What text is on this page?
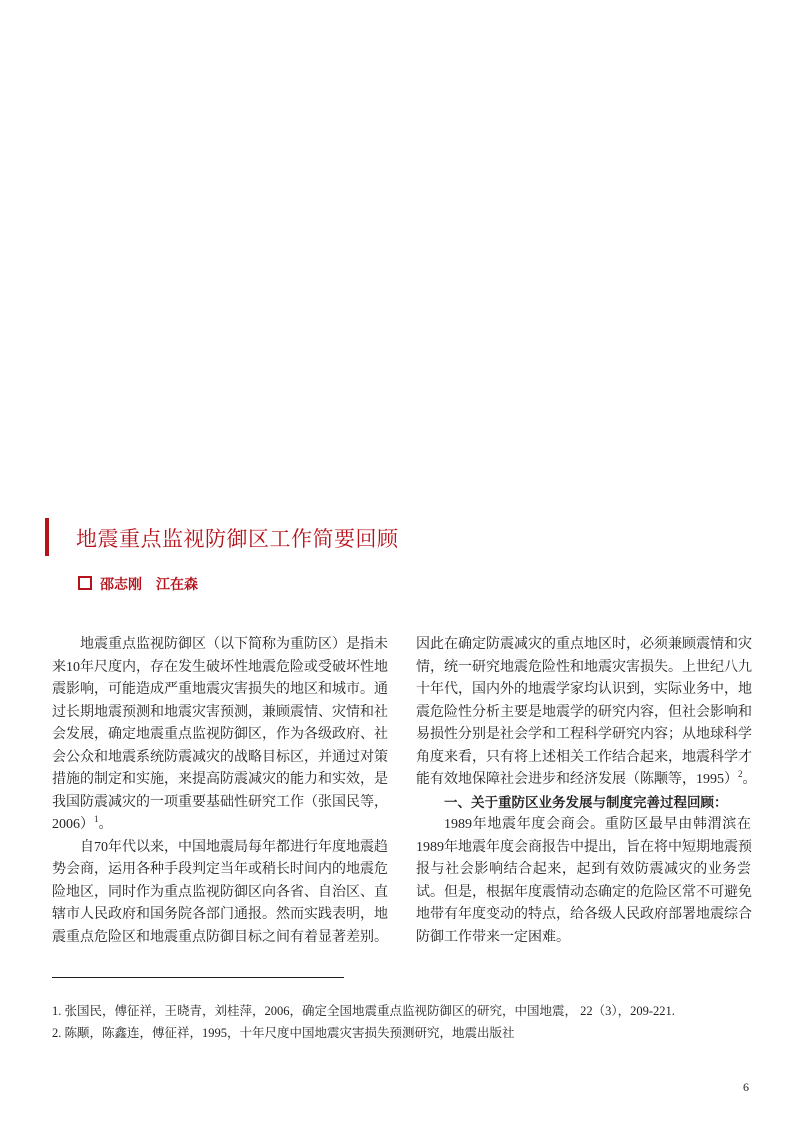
地震重点监视防御区工作简要回顾
邵志刚 江在森
地震重点监视防御区（以下简称为重防区）是指未
来10年尺度内，存在发生破坏性地震危险或受破坏性地
震影响，可能造成严重地震灾害损失的地区和城市。通
过长期地震预测和地震灾害预测，兼顾震情、灾情和社
会发展，确定地震重点监视防御区，作为各级政府、社
会公众和地震系统防震减灾的战略目标区，并通过对策
措施的制定和实施，来提高防震减灾的能力和实效，是
我国防震减灾的一项重要基础性研究工作（张国民等，
2006）$^1$。
自70年代以来，中国地震局每年都进行年度地震趋
势会商，运用各种手段判定当年或稍长时间内的地震危
险地区，同时作为重点监视防御区向各省、自治区、直
辖市人民政府和国务院各部门通报。然而实践表明，地
震重点危险区和地震重点防御目标之间有着显著差别。
因此在确定防震减灾的重点地区时，必须兼顾震情和灾
情，统一研究地震危险性和地震灾害损失。上世纪八九
十年代，国内外的地震学家均认识到，实际业务中，地
震危险性分析主要是地震学的研究内容，但社会影响和
易损性分别是社会学和工程科学研究内容；从地球科学
角度来看，只有将上述相关工作结合起来，地震科学才
能有效地保障社会进步和经济发展（陈颙等，1995）$^2$。
一、关于重防区业务发展与制度完善过程回顾：
1989年地震年度会商会。重防区最早由韩渭滨在
1989年地震年度会商报告中提出，旨在将中短期地震预
报与社会影响结合起来，起到有效防震减灾的业务尝
试。但是，根据年度震情动态确定的危险区常不可避免
地带有年度变动的特点，给各级人民政府部署地震综合
防御工作带来一定困难。
1. 张国民，傅征祥，王晓青，刘桂萍，2006，确定全国地震重点监视防御区的研究，中国地震， 22（3），209-221.
2. 陈颙，陈鑫连，傅征祥，1995，十年尺度中国地震灾害损失预测研究，地震出版社
6
